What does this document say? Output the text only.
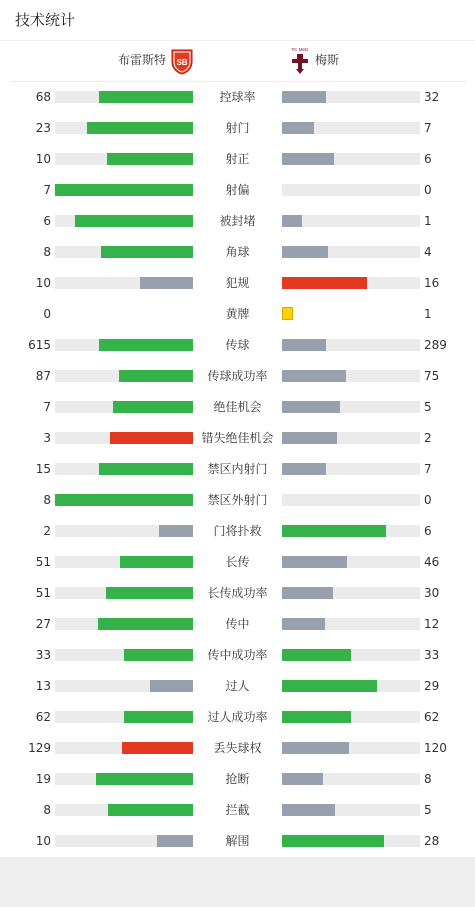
技术统计
布雷斯特 SB
FC Metz
梅斯
68	控球率	32
23	射门	7
10	射正	6
7	射偏	0
6	被封堵	1
8	角球	4
10	犯规	16
0	黄牌	1
615	传球	289
87	传球成功率	75
7	绝佳机会	5
3	错失绝佳机会	2
15	禁区内射门	7
8	禁区外射门	0
2	门将扑救	6
51	长传	46
51	长传成功率	30
27	传中	12
33	传中成功率	33
13	过人	29
62	过人成功率	62
129	丢失球权	120
19	抢断	8
8	拦截	5
10	解围	28
